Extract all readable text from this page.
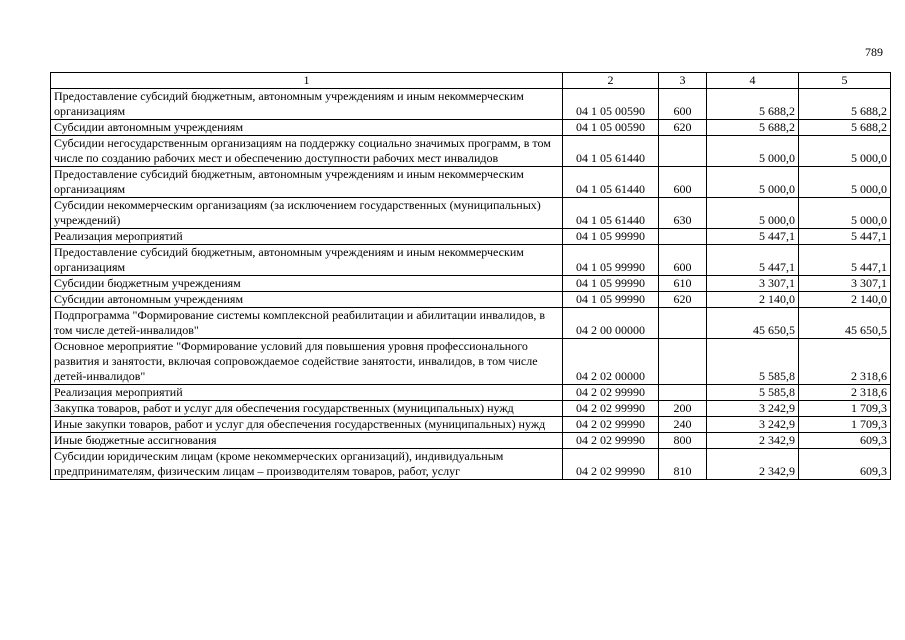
789
1	2	3	4	5
Предоставление субсидий бюджетным, автономным учреждениям и иным некоммерческим организациям	04 1 05 00590	600	5 688,2	5 688,2
Субсидии автономным учреждениям	04 1 05 00590	620	5 688,2	5 688,2
Субсидии негосударственным организациям на поддержку социально значимых программ, в том числе по созданию рабочих мест и обеспечению доступности рабочих мест инвалидов	04 1 05 61440		5 000,0	5 000,0
Предоставление субсидий бюджетным, автономным учреждениям и иным некоммерческим организациям	04 1 05 61440	600	5 000,0	5 000,0
Субсидии некоммерческим организациям (за исключением государственных (муниципальных) учреждений)	04 1 05 61440	630	5 000,0	5 000,0
Реализация мероприятий	04 1 05 99990		5 447,1	5 447,1
Предоставление субсидий бюджетным, автономным учреждениям и иным некоммерческим организациям	04 1 05 99990	600	5 447,1	5 447,1
Субсидии бюджетным учреждениям	04 1 05 99990	610	3 307,1	3 307,1
Субсидии автономным учреждениям	04 1 05 99990	620	2 140,0	2 140,0
Подпрограмма "Формирование системы комплексной реабилитации и абилитации инвалидов, в том числе детей-инвалидов"	04 2 00 00000		45 650,5	45 650,5
Основное мероприятие "Формирование условий для повышения уровня профессионального развития и занятости, включая сопровождаемое содействие занятости, инвалидов, в том числе детей-инвалидов"	04 2 02 00000		5 585,8	2 318,6
Реализация мероприятий	04 2 02 99990		5 585,8	2 318,6
Закупка товаров, работ и услуг для обеспечения государственных (муниципальных) нужд	04 2 02 99990	200	3 242,9	1 709,3
Иные закупки товаров, работ и услуг для обеспечения государственных (муниципальных) нужд	04 2 02 99990	240	3 242,9	1 709,3
Иные бюджетные ассигнования	04 2 02 99990	800	2 342,9	609,3
Субсидии юридическим лицам (кроме некоммерческих организаций), индивидуальным предпринимателям, физическим лицам – производителям товаров, работ, услуг	04 2 02 99990	810	2 342,9	609,3
